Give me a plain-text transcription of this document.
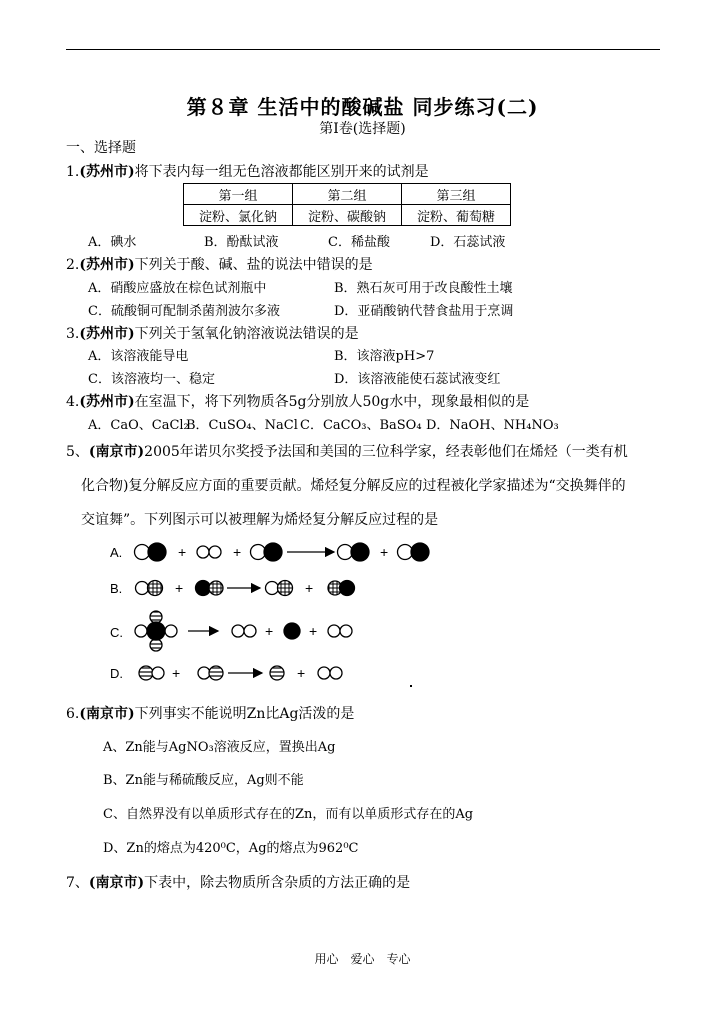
第８章 生活中的酸碱盐 同步练习(二)
第Ⅰ卷(选择题)
一、选择题
1.(苏州市)将下表内每一组无色溶液都能区别开来的试剂是
第一组	第二组	第三组
淀粉、氯化钠	淀粉、碳酸钠	淀粉、葡萄糖
A．碘水	B．酚酞试液	C．稀盐酸	D．石蕊试液
2.(苏州市)下列关于酸、碱、盐的说法中错误的是
A．硝酸应盛放在棕色试剂瓶中	B．熟石灰可用于改良酸性土壤
C．硫酸铜可配制杀菌剂波尔多液	D．亚硝酸钠代替食盐用于烹调
3.(苏州市)下列关于氢氧化钠溶液说法错误的是
A．该溶液能导电	B．该溶液pH>7
C．该溶液均一、稳定	D．该溶液能使石蕊试液变红
4.(苏州市)在室温下，将下列物质各5g分别放人50g水中，现象最相似的是
A．CaO、CaCl₂
B．CuSO₄、NaCl C．CaCO₃、BaSO₄ D．NaOH、NH₄NO₃
5、(南京市)2005年诺贝尔奖授予法国和美国的三位科学家，经表彰他们在烯烃（一类有机
化合物)复分解反应方面的重要贡献。烯烃复分解反应的过程被化学家描述为“交换舞伴的
交谊舞”。下列图示可以被理解为烯烃复分解反应过程的是
A.	+	+	+
B.	+	+
C.	+	+
D.	+	+
6.(南京市)下列事实不能说明Zn比Ag活泼的是
A、Zn能与AgNO₃溶液反应，置换出Ag
B、Zn能与稀硫酸反应，Ag则不能
C、自然界没有以单质形式存在的Zn，而有以单质形式存在的Ag
D、Zn的熔点为420⁰C，Ag的熔点为962⁰C
7、(南京市)下表中，除去物质所含杂质的方法正确的是
用心　爱心　专心
